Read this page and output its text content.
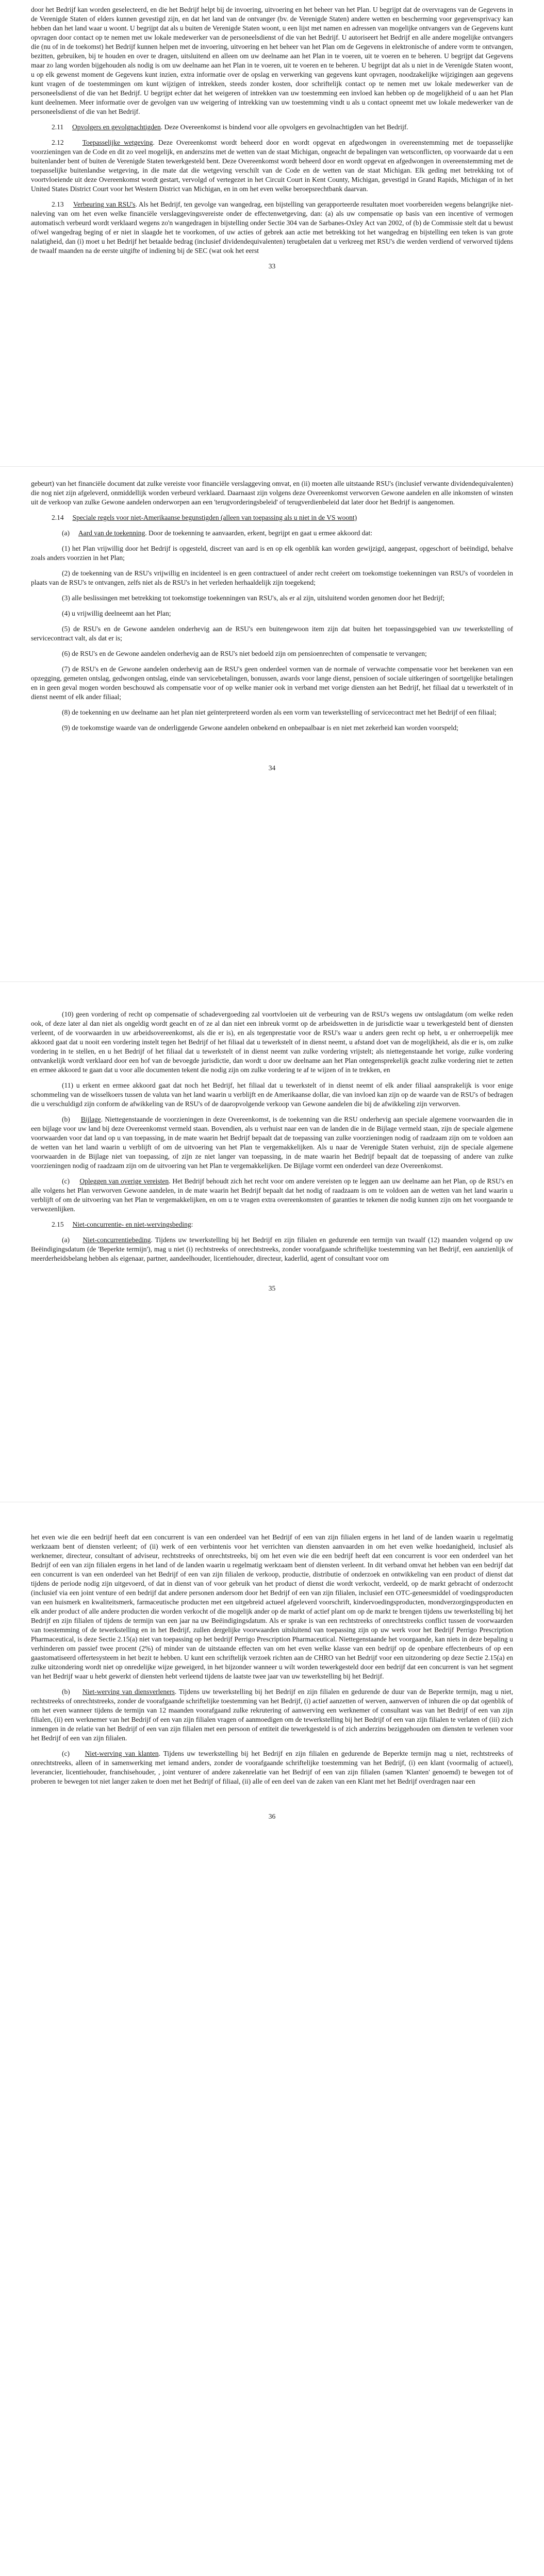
door het Bedrijf kan worden geselecteerd, en die het Bedrijf helpt bij de invoering, uitvoering en het beheer van het Plan. U begrijpt dat de overvragens van de Gegevens in de Verenigde Staten of elders kunnen gevestigd zijn, en dat het land van de ontvanger (bv. de Verenigde Staten) andere wetten en bescherming voor gegevensprivacy kan hebben dan het land waar u woont. U begrijpt dat als u buiten de Verenigde Staten woont, u een lijst met namen en adressen van mogelijke ontvangers van de Gegevens kunt opvragen door contact op te nemen met uw lokale medewerker van de personeelsdienst of die van het Bedrijf. U autoriseert het Bedrijf en alle andere mogelijke ontvangers die (nu of in de toekomst) het Bedrijf kunnen helpen met de invoering, uitvoering en het beheer van het Plan om de Gegevens in elektronische of andere vorm te ontvangen, bezitten, gebruiken, bij te houden en over te dragen, uitsluitend en alleen om uw deelname aan het Plan in te voeren, uit te voeren en te beheren. U begrijpt dat Gegevens maar zo lang worden bijgehouden als nodig is om uw deelname aan het Plan in te voeren, uit te voeren en te beheren. U begrijpt dat als u niet in de Verenigde Staten woont, u op elk gewenst moment de Gegevens kunt inzien, extra informatie over de opslag en verwerking van gegevens kunt opvragen, noodzakelijke wijzigingen aan gegevens kunt vragen of de toestemmingen om kunt wijzigen of intrekken, steeds zonder kosten, door schriftelijk contact op te nemen met uw lokale medewerker van de personeelsdienst of die van het Bedrijf. U begrijpt echter dat het weigeren of intrekken van uw toestemming een invloed kan hebben op de mogelijkheid of u aan het Plan kunt deelnemen. Meer informatie over de gevolgen van uw weigering of intrekking van uw toestemming vindt u als u contact opneemt met uw lokale medewerker van de personeelsdienst of die van het Bedrijf.

2.11 Opvolgers en gevolgnachtigden. Deze Overeenkomst is bindend voor alle opvolgers en gevolnachtigden van het Bedrijf.

2.12	Toepasselijke wetgeving. Deze Overeenkomst wordt beheerd door en wordt opgevat en afgedwongen in overeenstemming met de toepasselijke voorzieningen van de Code en dit zo veel mogelijk, en anderszins met de wetten van de staat Michigan, ongeacht de bepalingen van wetsconflicten, op voorwaarde dat u een buitenlander bent of buiten de Verenigde Staten tewerkgesteld bent. Deze Overeenkomst wordt beheerd door en wordt opgevat en afgedwongen in overeenstemming met de toepasselijke buitenlandse wetgeving, in die mate dat die wetgeving verschilt van de Code en de wetten van de staat Michigan. Elk geding met betrekking tot of voortvloeiende uit deze Overeenkomst wordt gestart, vervolgd of vertegezet in het Circuit Court in Kent County, Michigan, gevestigd in Grand Rapids, Michigan of in het United States District Court voor het Western District van Michigan, en in om het even welke beroepsrechtbank daarvan.

2.13 Verbeuring van RSU's. Als het Bedrijf, ten gevolge van wangedrag, een bijstelling van gerapporteerde resultaten moet voorbereiden wegens belangrijke niet-naleving van om het even welke financiële verslaggevingsvereiste onder de effectenwetgeving, dan: (a) als uw compensatie op basis van een incentive of vermogen automatisch verbeurd wordt verklaard wegens zo'n wangedragen in bijstelling onder Sectie 304 van de Sarbanes-Oxley Act van 2002, of (b) de Commissie stelt dat u bewust of/wel wangedrag beging of er niet in slaagde het te voorkomen, of uw acties of gebrek aan actie met betrekking tot het wangedrag en bijstelling een teken is van grote nalatigheid, dan (i) moet u het Bedrijf het betaalde bedrag (inclusief dividendequivalenten) terugbetalen dat u verkreeg met RSU's die werden verdiend of verworved tijdens de twaalf maanden na de eerste uitgifte of indiening bij de SEC (wat ook het eerst

33

gebeurt) van het financiële document dat zulke vereiste voor financiële verslaggeving omvat, en (ii) moeten alle uitstaande RSU's (inclusief verwante dividendequivalenten) die nog niet zijn afgeleverd, onmiddellijk worden verbeurd verklaard. Daarnaast zijn volgens deze Overeenkomst verworven Gewone aandelen en alle inkomsten of winsten uit de verkoop van zulke Gewone aandelen onderworpen aan een 'terugvorderingsbeleid' of terugverdienbeleid dat later door het Bedrijf is aangenomen.

2.14 Speciale regels voor niet-Amerikaanse begunstigden (alleen van toepassing als u niet in de VS woont)

(a) Aard van de toekenning. Door de toekenning te aanvaarden, erkent, begrijpt en gaat u ermee akkoord dat:

(1) het Plan vrijwillig door het Bedrijf is opgesteld, discreet van aard is en op elk ogenblik kan worden gewijzigd, aangepast, opgeschort of beëindigd, behalve zoals anders voorzien in het Plan;

(2) de toekenning van de RSU's vrijwillig en incidenteel is en geen contractueel of ander recht creëert om toekomstige toekenningen van RSU's of voordelen in plaats van de RSU's te ontvangen, zelfs niet als de RSU's in het verleden herhaaldelijk zijn toegekend;

(3) alle beslissingen met betrekking tot toekomstige toekenningen van RSU's, als er al zijn, uitsluitend worden genomen door het Bedrijf;

(4) u vrijwillig deelneemt aan het Plan;

(5) de RSU's en de Gewone aandelen onderhevig aan de RSU's een buitengewoon item zijn dat buiten het toepassingsgebied van uw tewerkstelling of servicecontract valt, als dat er is;

(6) de RSU's en de Gewone aandelen onderhevig aan de RSU's niet bedoeld zijn om pensioenrechten of compensatie te vervangen;

(7) de RSU's en de Gewone aandelen onderhevig aan de RSU's geen onderdeel vormen van de normale of verwachte compensatie voor het berekenen van een opzegging, gemeten ontslag, gedwongen ontslag, einde van servicebetalingen, bonussen, awards voor lange dienst, pensioen of sociale uitkeringen of soortgelijke betalingen en in geen geval mogen worden beschouwd als compensatie voor of op welke manier ook in verband met vorige diensten aan het Bedrijf, het filiaal dat u tewerkstelt of in dienst neemt of elk ander filiaal;

(8) de toekenning en uw deelname aan het plan niet geïnterpreteerd worden als een vorm van tewerkstelling of servicecontract met het Bedrijf of een filiaal;

(9) de toekomstige waarde van de onderliggende Gewone aandelen onbekend en onbepaalbaar is en niet met zekerheid kan worden voorspeld;

34

(10) geen vordering of recht op compensatie of schadevergoeding zal voortvloeien uit de verbeuring van de RSU's wegens uw ontslagdatum (om welke reden ook, of deze later al dan niet als ongeldig wordt geacht en of ze al dan niet een inbreuk vormt op de arbeidswetten in de jurisdictie waar u tewerkgesteld bent of diensten verleent, of de voorwaarden in uw arbeidsovereenkomst, als die er is), en als tegenprestatie voor de RSU's waar u anders geen recht op hebt, u er onherroepelijk mee akkoord gaat dat u nooit een vordering instelt tegen het Bedrijf of het filiaal dat u tewerkstelt of in dienst neemt, u afstand doet van de mogelijkheid, als die er is, om zulke vordering in te stellen, en u het Bedrijf of het filiaal dat u tewerkstelt of in dienst neemt van zulke vordering vrijstelt; als niettegenstaande het vorige, zulke vordering ontvankelijk wordt verklaard door een hof van de bevoegde jurisdictie, dan wordt u door uw deelname aan het Plan ontegensprekelijk geacht zulke vordering niet te zetten en ermee akkoord te gaan dat u voor alle documenten tekent die nodig zijn om zulke vordering te af te wijzen of in te trekken, en

(11) u erkent en ermee akkoord gaat dat noch het Bedrijf, het filiaal dat u tewerkstelt of in dienst neemt of elk ander filiaal aansprakelijk is voor enige schommeling van de wisselkoers tussen de valuta van het land waarin u verblijft en de Amerikaanse dollar, die van invloed kan zijn op de waarde van de RSU's of bedragen die u verschuldigd zijn conform de afwikkeling van de RSU's of de daaropvolgende verkoop van Gewone aandelen die bij de afwikkeling zijn verworven.

(b) Bijlage. Niettegenstaande de voorzieningen in deze Overeenkomst, is de toekenning van die RSU onderhevig aan speciale algemene voorwaarden die in een bijlage voor uw land bij deze Overeenkomst vermeld staan. Bovendien, als u verhuist naar een van de landen die in de Bijlage vermeld staan, zijn de speciale algemene voorwaarden voor dat land op u van toepassing, in de mate waarin het Bedrijf bepaalt dat de toepassing van zulke voorzieningen nodig of raadzaam zijn om te voldoen aan de wetten van het land waarin u verblijft of om de uitvoering van het Plan te vergemakkelijken. Als u naar de Verenigde Staten verhuist, zijn de speciale algemene voorwaarden in de Bijlage niet van toepassing, of zijn ze niet langer van toepassing, in de mate waarin het Bedrijf bepaalt dat de toepassing of andere van zulke voorzieningen nodig of raadzaam zijn om de uitvoering van het Plan te vergemakkelijken. De Bijlage vormt een onderdeel van deze Overeenkomst.

(c) Opleggen van overige vereisten. Het Bedrijf behoudt zich het recht voor om andere vereisten op te leggen aan uw deelname aan het Plan, op de RSU's en alle volgens het Plan verworven Gewone aandelen, in de mate waarin het Bedrijf bepaalt dat het nodig of raadzaam is om te voldoen aan de wetten van het land waarin u verblijft of om de uitvoering van het Plan te vergemakkelijken, en om u te vragen extra overeenkomsten of garanties te tekenen die nodig kunnen zijn om het voorgaande te verwezenlijken.

2.15 Niet-concurrentie- en niet-wervingsbeding:

(a) Niet-concurrentiebeding. Tijdens uw tewerkstelling bij het Bedrijf en zijn filialen en gedurende een termijn van twaalf (12) maanden volgend op uw Beëindigingsdatum (de 'Beperkte termijn'), mag u niet (i) rechtstreeks of onrechtstreeks, zonder voorafgaande schriftelijke toestemming van het Bedrijf, een aanzienlijk of meerderheidsbelang hebben als eigenaar, partner, aandeelhouder, licentiehouder, directeur, kaderlid, agent of consultant voor om

35

het even wie die een bedrijf heeft dat een concurrent is van een onderdeel van het Bedrijf of een van zijn filialen ergens in het land of de landen waarin u regelmatig werkzaam bent of diensten verleent; of (ii) werk of een verbintenis voor het verrichten van diensten aanvaarden in om het even welke hoedanigheid, inclusief als werknemer, directeur, consultant of adviseur, rechtstreeks of onrechtstreeks, bij om het even wie die een bedrijf heeft dat een concurrent is voor een onderdeel van het Bedrijf of een van zijn filialen ergens in het land of de landen waarin u regelmatig werkzaam bent of diensten verleent. In dit verband omvat het hebben van een bedrijf dat een concurrent is van een onderdeel van het Bedrijf of een van zijn filialen de verkoop, productie, distributie of onderzoek en ontwikkeling van een product of dienst dat tijdens de periode nodig zijn uitgevoerd, of dat in dienst van of voor gebruik van het product of dienst die wordt verkocht, verdeeld, op de markt gebracht of onderzocht (inclusief via een joint venture of een bedrijf dat andere personen andersom door het Bedrijf of een van zijn filialen, inclusief een OTC-geneesmiddel of voedingsproducten van een huismerk en kwaliteitsmerk, farmaceutische producten met een uitgebreid actueel afgeleverd voorschrift, kindervoedingsproducten, mondverzorgingsproducten en elk ander product of alle andere producten die worden verkocht of die mogelijk ander op de markt of actief plant om op de markt te brengen tijdens uw tewerkstelling bij het Bedrijf en zijn filialen of tijdens de termijn van een jaar na uw Beëindigingsdatum. Als er sprake is van een rechtstreeks of onrechtstreeks conflict tussen de voorwaarden van toestemming of de tewerkstelling en in het Bedrijf, zullen dergelijke voorwaarden uitsluitend van toepassing zijn op uw werk voor het Bedrijf Perrigo Prescription Pharmaceutical, is deze Sectie 2.15(a) niet van toepassing op het bedrijf Perrigo Prescription Pharmaceutical. Niettegenstaande het voorgaande, kan niets in deze bepaling u verhinderen om passief twee procent (2%) of minder van de uitstaande effecten van om het even welke klasse van een bedrijf op de openbare effectenbeurs of op een gaastomatiseerd offertesysteem in het bezit te hebben. U kunt een schriftelijk verzoek richten aan de CHRO van het Bedrijf voor een uitzondering op deze Sectie 2.15(a) en zulke uitzondering wordt niet op onredelijke wijze geweigerd, in het bijzonder wanneer u wilt worden tewerkgesteld door een bedrijf dat een concurrent is van het segment van het Bedrijf waar u hebt gewerkt of diensten hebt verleend tijdens de laatste twee jaar van uw tewerkstelling bij het Bedrijf.

(b) Niet-werving van diensverleners. Tijdens uw tewerkstelling bij het Bedrijf en zijn filialen en gedurende de duur van de Beperkte termijn, mag u niet, rechtstreeks of onrechtstreeks, zonder de voorafgaande schriftelijke toestemming van het Bedrijf, (i) actief aanzetten of werven, aanwerven of inhuren die op dat ogenblik of om het even wanneer tijdens de termijn van 12 maanden voorafgaand zulke rekrutering of aanwerving een werknemer of consultant was van het Bedrijf of een van zijn filialen, (ii) een werknemer van het Bedrijf of een van zijn filialen vragen of aanmoedigen om de tewerkstelling bij het Bedrijf of een van zijn filialen te verlaten of (iii) zich inmengen in de relatie van het Bedrijf of een van zijn filialen met een persoon of entiteit die tewerkgesteld is of zich anderzins beziggehouden om diensten te verlenen voor het Bedrijf of een van zijn filialen.

(c) Niet-werving van klanten. Tijdens uw tewerkstelling bij het Bedrijf en zijn filialen en gedurende de Beperkte termijn mag u niet, rechtstreeks of onrechtstreeks, alleen of in samenwerking met iemand anders, zonder de voorafgaande schriftelijke toestemming van het Bedrijf, (i) een klant (voormalig of actueel), leverancier, licentiehouder, franchisehouder, , joint venturer of andere zakenrelatie van het Bedrijf of een van zijn filialen (samen 'Klanten' genoemd) te bewegen tot of proberen te bewegen tot niet langer zaken te doen met het Bedrijf of filiaal, (ii) alle of een deel van de zaken van een Klant met het Bedrijf overdragen naar een

36
